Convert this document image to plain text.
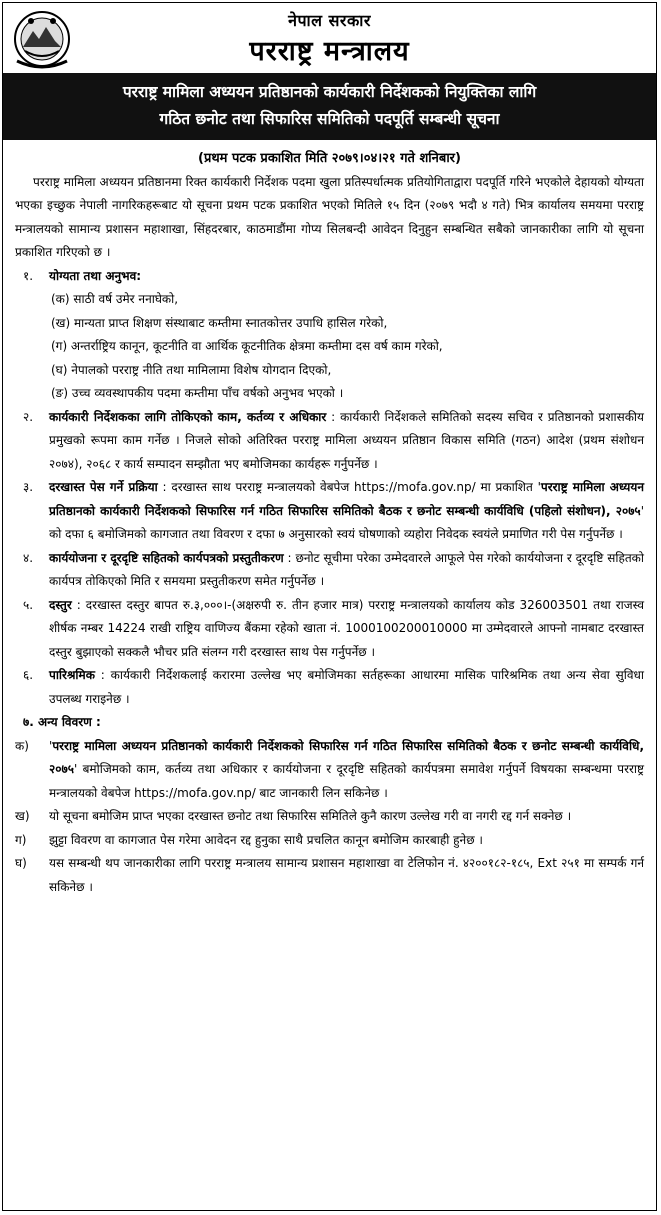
नेपाल सरकार
परराष्ट्र मन्त्रालय
परराष्ट्र मामिला अध्ययन प्रतिष्ठानको कार्यकारी निर्देशकको नियुक्तिका लागि
गठित छनोट तथा सिफारिस समितिको पदपूर्ति सम्बन्धी सूचना

(प्रथम पटक प्रकाशित मिति २०७९।०४।२१ गते शनिबार)

परराष्ट्र मामिला अध्ययन प्रतिष्ठानमा रिक्त कार्यकारी निर्देशक पदमा खुला प्रतिस्पर्धात्मक प्रतियोगिताद्वारा पदपूर्ति गरिने भएकोले देहायको योग्यता भएका इच्छुक नेपाली नागरिकहरूबाट यो सूचना प्रथम पटक प्रकाशित भएको मितिले १५ दिन (२०७९ भदौ ४ गते) भित्र कार्यालय समयमा परराष्ट्र मन्त्रालयको सामान्य प्रशासन महाशाखा, सिंहदरबार, काठमाडौंमा गोप्य सिलबन्दी आवेदन दिनुहुन सम्बन्धित सबैको जानकारीका लागि यो सूचना प्रकाशित गरिएको छ ।

१.	योग्यता तथा अनुभव:
(क) साठी वर्ष उमेर ननाघेको,
(ख) मान्यता प्राप्त शिक्षण संस्थाबाट कम्तीमा स्नातकोत्तर उपाधि हासिल गरेको,
(ग) अन्तर्राष्ट्रिय कानून, कूटनीति वा आर्थिक कूटनीतिक क्षेत्रमा कम्तीमा दस वर्ष काम गरेको,
(घ) नेपालको परराष्ट्र नीति तथा मामिलामा विशेष योगदान दिएको,
(ङ) उच्च व्यवस्थापकीय पदमा कम्तीमा पाँच वर्षको अनुभव भएको ।
२.	कार्यकारी निर्देशकका लागि तोकिएको काम, कर्तव्य र अधिकार : कार्यकारी निर्देशकले समितिको सदस्य सचिव र प्रतिष्ठानको प्रशासकीय प्रमुखको रूपमा काम गर्नेछ । निजले सोको अतिरिक्त परराष्ट्र मामिला अध्ययन प्रतिष्ठान विकास समिति (गठन) आदेश (प्रथम संशोधन २०७४), २०६८ र कार्य सम्पादन सम्झौता भए बमोजिमका कार्यहरू गर्नुपर्नेछ ।
३.	दरखास्त पेस गर्ने प्रक्रिया : दरखास्त साथ परराष्ट्र मन्त्रालयको वेबपेज https://mofa.gov.np/ मा प्रकाशित 'परराष्ट्र मामिला अध्ययन प्रतिष्ठानको कार्यकारी निर्देशकको सिफारिस गर्न गठित सिफारिस समितिको बैठक र छनोट सम्बन्धी कार्यविधि (पहिलो संशोधन), २०७५' को दफा ६ बमोजिमको कागजात तथा विवरण र दफा ७ अनुसारको स्वयं घोषणाको व्यहोरा निवेदक स्वयंले प्रमाणित गरी पेस गर्नुपर्नेछ ।
४.	कार्ययोजना र दूरदृष्टि सहितको कार्यपत्रको प्रस्तुतीकरण : छनोट सूचीमा परेका उम्मेदवारले आफूले पेस गरेको कार्ययोजना र दूरदृष्टि सहितको कार्यपत्र तोकिएको मिति र समयमा प्रस्तुतीकरण समेत गर्नुपर्नेछ ।
५.	दस्तुर : दरखास्त दस्तुर बापत रु.३,०००।-(अक्षरुपी रु. तीन हजार मात्र) परराष्ट्र मन्त्रालयको कार्यालय कोड 326003501 तथा राजस्व शीर्षक नम्बर 14224 राखी राष्ट्रिय वाणिज्य बैंकमा रहेको खाता नं. 1000100200010000 मा उम्मेदवारले आफ्नो नामबाट दरखास्त दस्तुर बुझाएको सक्कलै भौचर प्रति संलग्न गरी दरखास्त साथ पेस गर्नुपर्नेछ ।
६.	पारिश्रमिक : कार्यकारी निर्देशकलाई करारमा उल्लेख भए बमोजिमका सर्तहरूका आधारमा मासिक पारिश्रमिक तथा अन्य सेवा सुविधा उपलब्ध गराइनेछ ।
७. अन्य विवरण :
क)	'परराष्ट्र मामिला अध्ययन प्रतिष्ठानको कार्यकारी निर्देशकको सिफारिस गर्न गठित सिफारिस समितिको बैठक र छनोट सम्बन्धी कार्यविधि, २०७५' बमोजिमको काम, कर्तव्य तथा अधिकार र कार्ययोजना र दूरदृष्टि सहितको कार्यपत्रमा समावेश गर्नुपर्ने विषयका सम्बन्धमा परराष्ट्र मन्त्रालयको वेबपेज https://mofa.gov.np/ बाट जानकारी लिन सकिनेछ ।
ख)	यो सूचना बमोजिम प्राप्त भएका दरखास्त छनोट तथा सिफारिस समितिले कुनै कारण उल्लेख गरी वा नगरी रद्द गर्न सक्नेछ ।
ग)	झुट्टा विवरण वा कागजात पेस गरेमा आवेदन रद्द हुनुका साथै प्रचलित कानून बमोजिम कारबाही हुनेछ ।
घ)	यस सम्बन्धी थप जानकारीका लागि परराष्ट्र मन्त्रालय सामान्य प्रशासन महाशाखा वा टेलिफोन नं. ४२००१८२-१८५, Ext २५१ मा सम्पर्क गर्न सकिनेछ ।
